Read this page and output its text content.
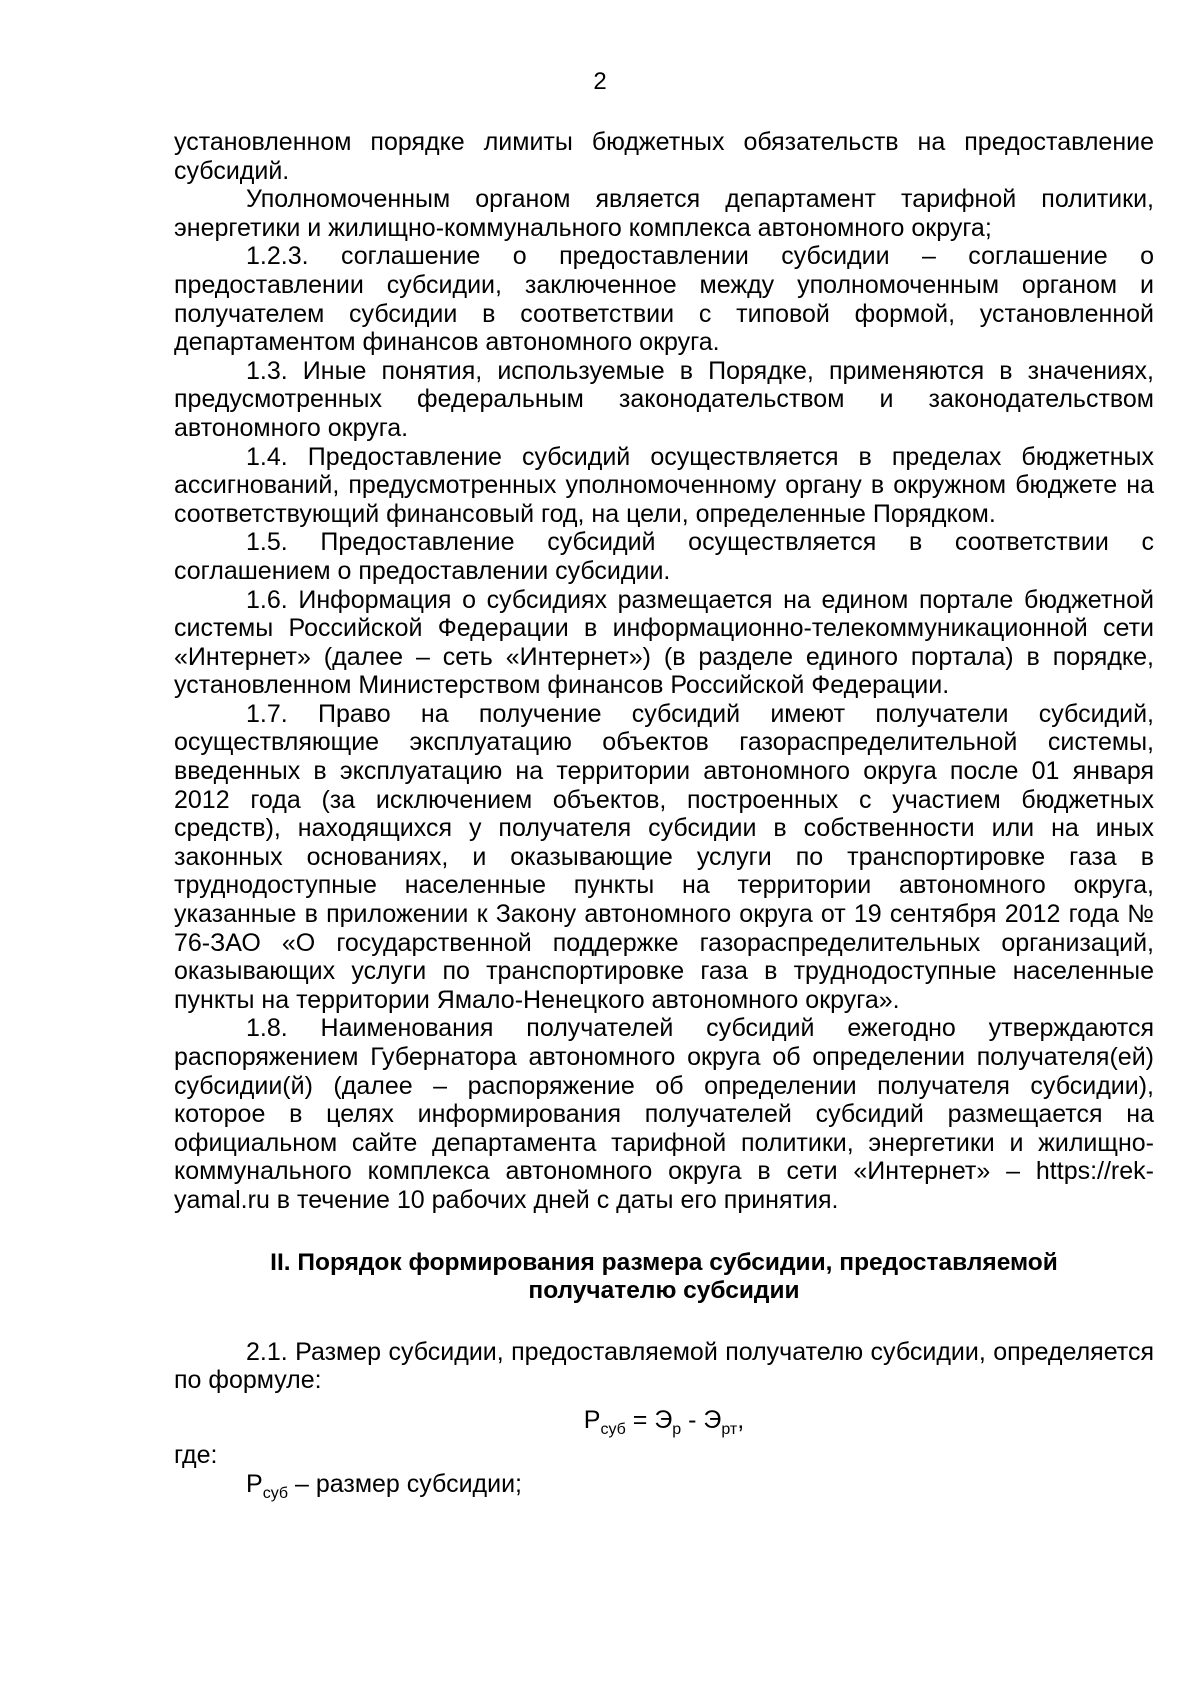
2

установленном порядке лимиты бюджетных обязательств на предоставление субсидий.

Уполномоченным органом является департамент тарифной политики, энергетики и жилищно-коммунального комплекса автономного округа;

1.2.3. соглашение о предоставлении субсидии – соглашение о предоставлении субсидии, заключенное между уполномоченным органом и получателем субсидии в соответствии с типовой формой, установленной департаментом финансов автономного округа.

1.3. Иные понятия, используемые в Порядке, применяются в значениях, предусмотренных федеральным законодательством и законодательством автономного округа.

1.4. Предоставление субсидий осуществляется в пределах бюджетных ассигнований, предусмотренных уполномоченному органу в окружном бюджете на соответствующий финансовый год, на цели, определенные Порядком.

1.5. Предоставление субсидий осуществляется в соответствии с соглашением о предоставлении субсидии.

1.6. Информация о субсидиях размещается на едином портале бюджетной системы Российской Федерации в информационно-телекоммуникационной сети «Интернет» (далее – сеть «Интернет») (в разделе единого портала) в порядке, установленном Министерством финансов Российской Федерации.

1.7. Право на получение субсидий имеют получатели субсидий, осуществляющие эксплуатацию объектов газораспределительной системы, введенных в эксплуатацию на территории автономного округа после 01 января 2012 года (за исключением объектов, построенных с участием бюджетных средств), находящихся у получателя субсидии в собственности или на иных законных основаниях, и оказывающие услуги по транспортировке газа в труднодоступные населенные пункты на территории автономного округа, указанные в приложении к Закону автономного округа от 19 сентября 2012 года № 76-ЗАО «О государственной поддержке газораспределительных организаций, оказывающих услуги по транспортировке газа в труднодоступные населенные пункты на территории Ямало-Ненецкого автономного округа».

1.8. Наименования получателей субсидий ежегодно утверждаются распоряжением Губернатора автономного округа об определении получателя(ей) субсидии(й) (далее – распоряжение об определении получателя субсидии), которое в целях информирования получателей субсидий размещается на официальном сайте департамента тарифной политики, энергетики и жилищно-коммунального комплекса автономного округа в сети «Интернет» – https://rek-yamal.ru в течение 10 рабочих дней с даты его принятия.

II. Порядок формирования размера субсидии, предоставляемой
получателю субсидии

2.1. Размер субсидии, предоставляемой получателю субсидии, определяется по формуле:

$Р_{суб} = Э_р - Э_{рт}$,

где:

$Р_{суб}$ – размер субсидии;
